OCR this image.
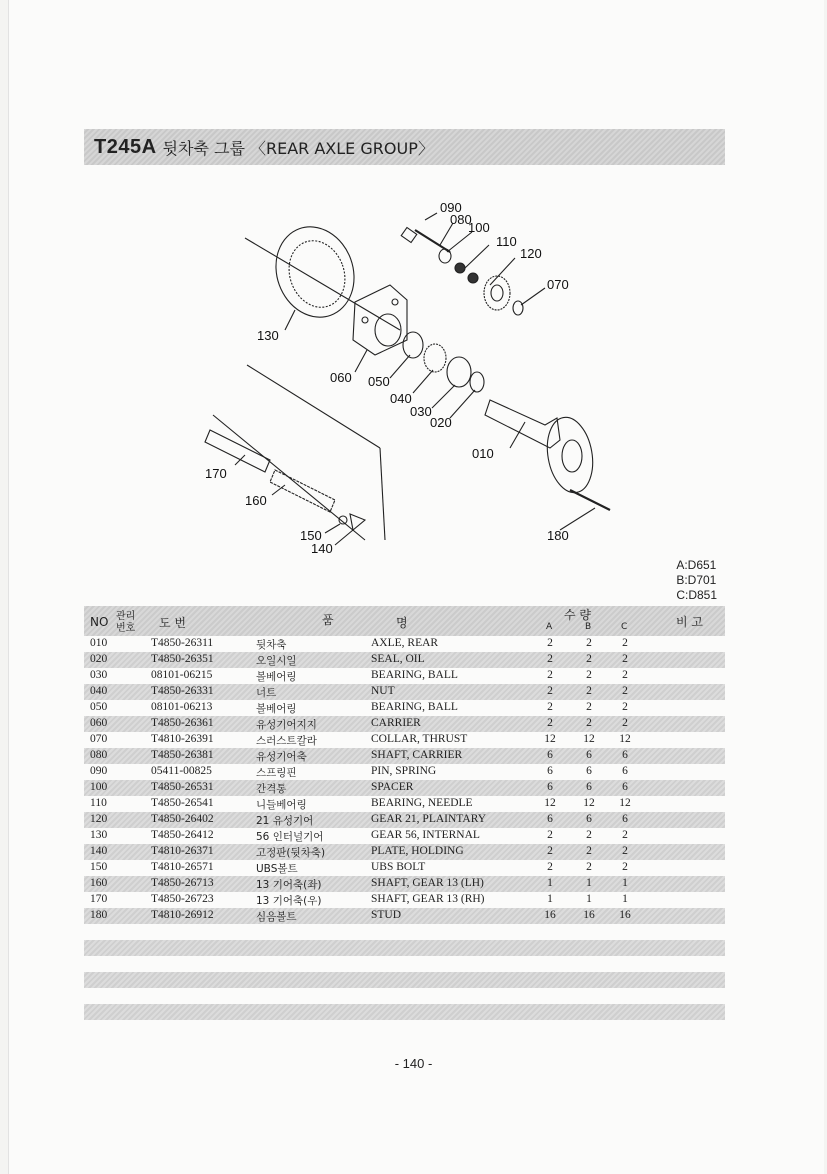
T245A 뒷차축 그룹 〈REAR AXLE GROUP〉
090
080
100
110
120
070
130
060 050
040
030
020
010
170
160
150
140
180
A:D651
B:D701
C:D851
NO 관리
번호 도 번	품	명
수 량
A	B	C	비 고
010	T4850-26311	뒷차축	AXLE, REAR	2	2	2
020	T4850-26351	오일시일	SEAL, OIL	2	2	2
030	08101-06215	볼베어링	BEARING, BALL	2	2	2
040	T4850-26331	너트	NUT	2	2	2
050	08101-06213	볼베어링	BEARING, BALL	2	2	2
060	T4850-26361	유성기어지지	CARRIER	2	2	2
070	T4810-26391	스러스트칼라	COLLAR, THRUST	12	12	12
080	T4850-26381	유성기어축	SHAFT, CARRIER	6	6	6
090	05411-00825	스프링핀	PIN, SPRING	6	6	6
100	T4850-26531	간격통	SPACER	6	6	6
110	T4850-26541	니들베어링	BEARING, NEEDLE	12	12	12
120	T4850-26402	21 유성기어	GEAR 21, PLAINTARY	6	6	6
130	T4850-26412	56 인터널기어	GEAR 56, INTERNAL	2	2	2
140	T4810-26371	고정판(뒷차축)	PLATE, HOLDING	2	2	2
150	T4810-26571	UBS볼트	UBS BOLT	2	2	2
160	T4850-26713	13 기어축(좌)	SHAFT, GEAR 13 (LH)	1	1	1
170	T4850-26723	13 기어축(우)	SHAFT, GEAR 13 (RH)	1	1	1
180	T4810-26912	심음볼트	STUD	16	16	16
- 140 -
